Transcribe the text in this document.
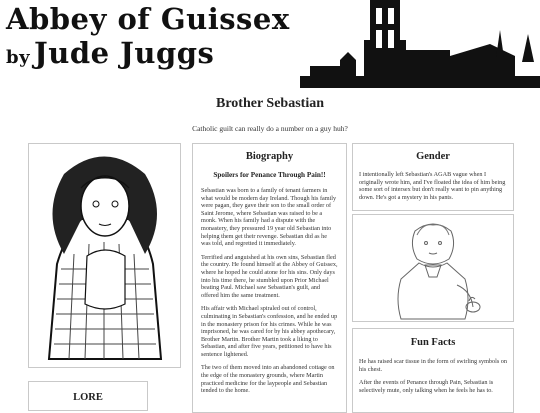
Abbey of Guissex
by Jude Juggs
Brother Sebastian
Catholic guilt can really do a number on a guy huh?
LORE
Biography
Spoilers for Penance Through Pain!!

Sebastian was born to a family of tenant farmers in what would be modern day Ireland. Though his family were pagan, they gave their son to the small order of Saint Jerome, where Sebastian was raised to be a monk. When his family had a dispute with the monastery, they pressured 19 year old Sebastian into helping them get their revenge. Sebastian did as he was told, and regretted it immediately.

Terrified and anguished at his own sins, Sebastian fled the country. He found himself at the Abbey of Guissex, where he hoped he could atone for his sins. Only days into his time there, he stumbled upon Prior Michael beating Paul. Michael saw Sebastian's guilt, and offered him the same treatment.

His affair with Michael spiraled out of control, culminating in Sebastian's confession, and he ended up in the monastery prison for his crimes. While he was imprisoned, he was cared for by his abbey apothecary, Brother Martin. Brother Martin took a liking to Sebastian, and after five years, petitioned to have his sentence lightened.

The two of them moved into an abandoned cottage on the edge of the monastery grounds, where Martin practiced medicine for the laypeople and Sebastian tended to the home.

Gender

I intentionally left Sebastian's AGAB vague when I originally wrote him, and I've floated the idea of him being some sort of intersex but don't really want to pin anything down. He's got a mystery in his pants.

Fun Facts

He has raised scar tissue in the form of swirling symbols on his chest.

After the events of Penance through Pain, Sebastian is selectively mute, only talking when he feels he has to.
